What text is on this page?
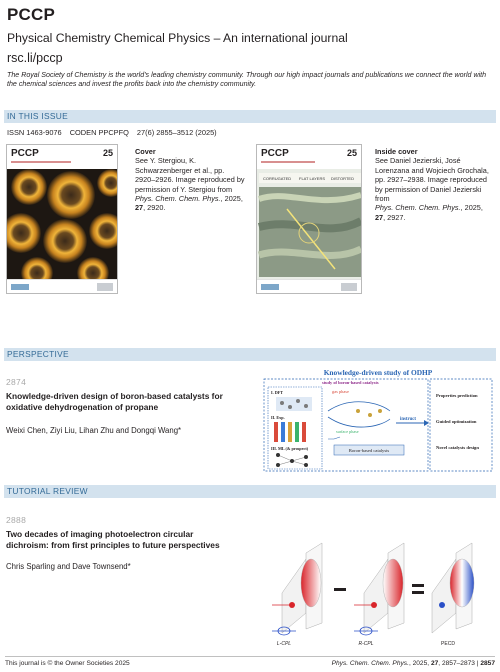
PCCP
Physical Chemistry Chemical Physics – An international journal
rsc.li/pccp
The Royal Society of Chemistry is the world's leading chemistry community. Through our high impact journals and publications we connect the world with the chemical sciences and invest the profits back into the chemistry community.
IN THIS ISSUE
ISSN 1463-9076 CODEN PPCPFQ 27(6) 2855–3512 (2025)
PCCP	25	Cover
See Y. Stergiou, K. Schwarzenberger et al., pp. 2920–2926. Image reproduced by permission of Y. Stergiou from
Phys. Chem. Chem. Phys., 2025, 27, 2920.
PCCP	25
CORRUGATED FLAT LAYERS DISTORTED
Inside cover
See Daniel Jezierski, José Lorenzana and Wojciech Grochala, pp. 2927–2938. Image reproduced by permission of Daniel Jezierski from
Phys. Chem. Chem. Phys., 2025, 27, 2927.
PERSPECTIVE
2874
Knowledge-driven design of boron-based catalysts for oxidative dehydrogenation of propane
Weixi Chen, Ziyi Liu, Lihan Zhu and Dongqi Wang*
Knowledge-driven study of ODHP
study of boron-based catalysts
I. DFT
II. Exp.
III. ML (& prospect)
gas phase
surface phase
Boron-based catalysts
instruct
Properties prediction
Guided optimization
Novel catalysts design
TUTORIAL REVIEW
2888
Two decades of imaging photoelectron circular dichroism: from first principles to future perspectives
Chris Sparling and Dave Townsend*
L-CPL	R-CPL	PECD
This journal is © the Owner Societies 2025	Phys. Chem. Chem. Phys., 2025, 27, 2857–2873 | 2857
